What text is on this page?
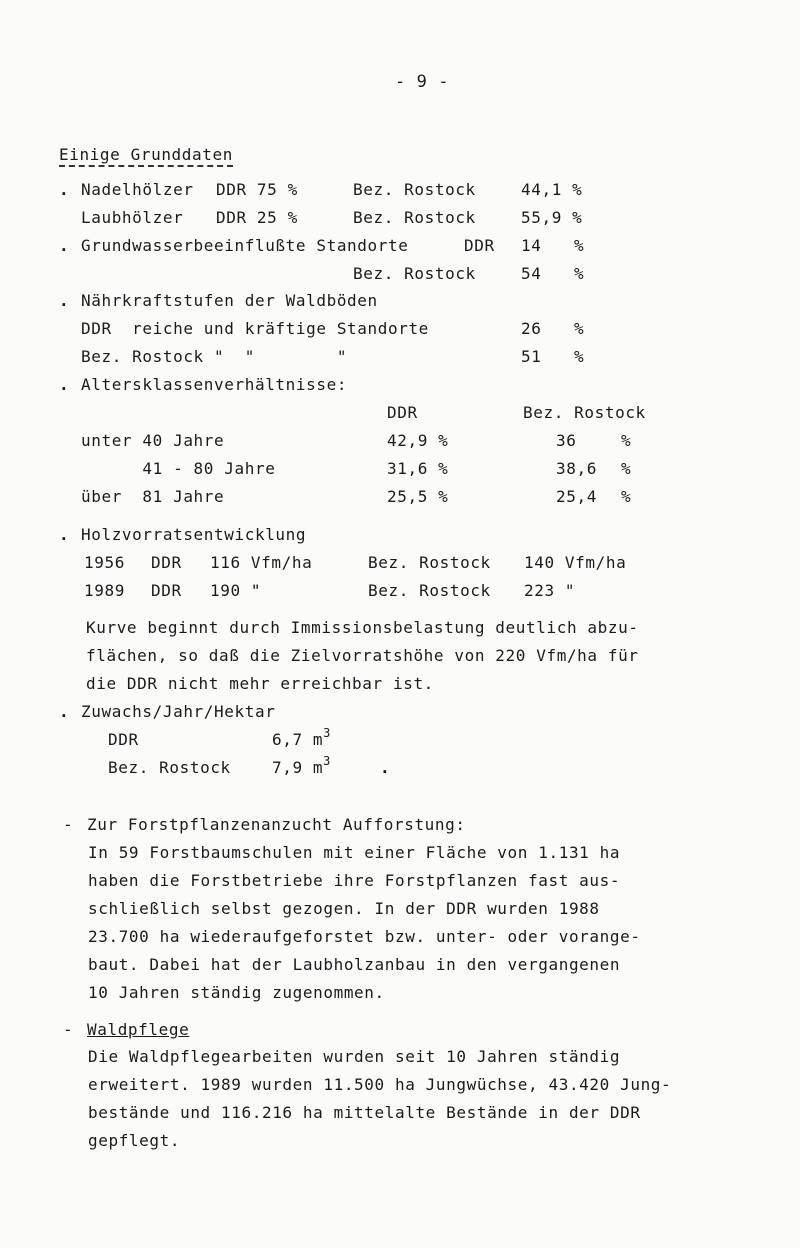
- 9 -
Einige Grunddaten
. Nadelhölzer DDR 75 %	Bez. Rostock	44,1 %
Laubhölzer DDR 25 %	Bez. Rostock	55,9 %
. Grundwasserbeeinflußte Standorte	DDR 14 %
Bez. Rostock	54 %
. Nährkraftstufen der Waldböden
DDR  reiche und kräftige Standorte	26 %
Bez. Rostock "  "        "	51 %
. Altersklassenverhältnisse:
DDR	Bez. Rostock
unter 40 Jahre	42,9 %	36	%
41 - 80 Jahre	31,6 %	38,6 %
über  81 Jahre	25,5 %	25,4 %
. Holzvorratsentwicklung
1956 DDR 116 Vfm/ha	Bez. Rostock 140 Vfm/ha
1989 DDR 190 "	Bez. Rostock 223 "
Kurve beginnt durch Immissionsbelastung deutlich abzu-
flächen, so daß die Zielvorratshöhe von 220 Vfm/ha für
die DDR nicht mehr erreichbar ist.
. Zuwachs/Jahr/Hektar
DDR	6,7 $m^3$
Bez. Rostock	7,9 $m^3$	.
- Zur Forstpflanzenanzucht Aufforstung:
In 59 Forstbaumschulen mit einer Fläche von 1.131 ha
haben die Forstbetriebe ihre Forstpflanzen fast aus-
schließlich selbst gezogen. In der DDR wurden 1988
23.700 ha wiederaufgeforstet bzw. unter- oder vorange-
baut. Dabei hat der Laubholzanbau in den vergangenen
10 Jahren ständig zugenommen.
- Waldpflege
Die Waldpflegearbeiten wurden seit 10 Jahren ständig
erweitert. 1989 wurden 11.500 ha Jungwüchse, 43.420 Jung-
bestände und 116.216 ha mittelalte Bestände in der DDR
gepflegt.
